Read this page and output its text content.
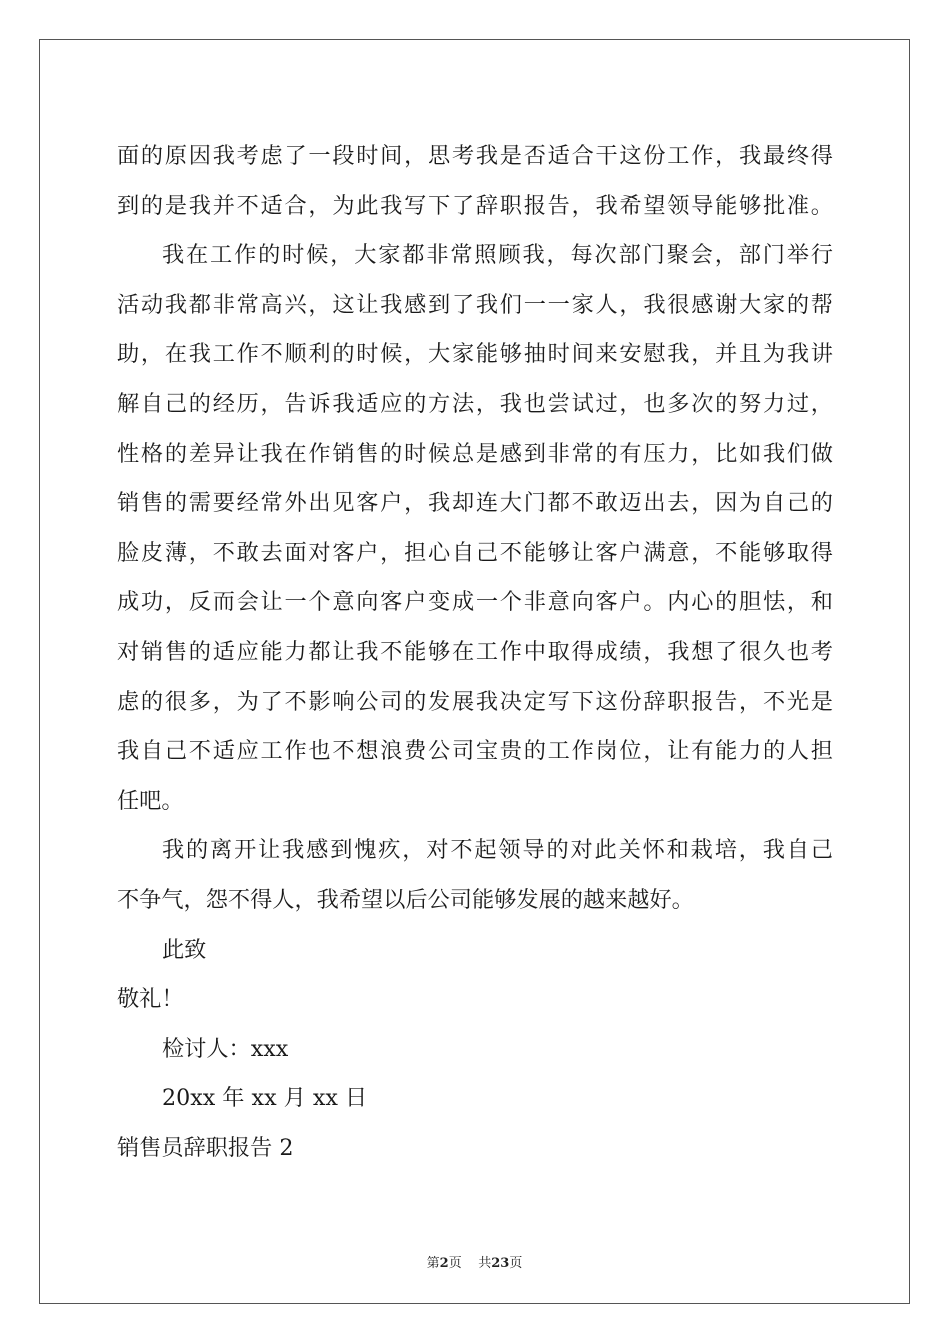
面的原因我考虑了一段时间，思考我是否适合干这份工作，我最终得
到的是我并不适合，为此我写下了辞职报告，我希望领导能够批准。
我在工作的时候，大家都非常照顾我，每次部门聚会，部门举行
活动我都非常高兴，这让我感到了我们一一家人，我很感谢大家的帮
助，在我工作不顺利的时候，大家能够抽时间来安慰我，并且为我讲
解自己的经历，告诉我适应的方法，我也尝试过，也多次的努力过，
性格的差异让我在作销售的时候总是感到非常的有压力，比如我们做
销售的需要经常外出见客户，我却连大门都不敢迈出去，因为自己的
脸皮薄，不敢去面对客户，担心自己不能够让客户满意，不能够取得
成功，反而会让一个意向客户变成一个非意向客户。内心的胆怯，和
对销售的适应能力都让我不能够在工作中取得成绩，我想了很久也考
虑的很多，为了不影响公司的发展我决定写下这份辞职报告，不光是
我自己不适应工作也不想浪费公司宝贵的工作岗位，让有能力的人担
任吧。
我的离开让我感到愧疚，对不起领导的对此关怀和栽培，我自己
不争气，怨不得人，我希望以后公司能够发展的越来越好。
此致
敬礼！
检讨人：xxx
20xx 年 xx 月 xx 日
销售员辞职报告 2
第2页 共23页
